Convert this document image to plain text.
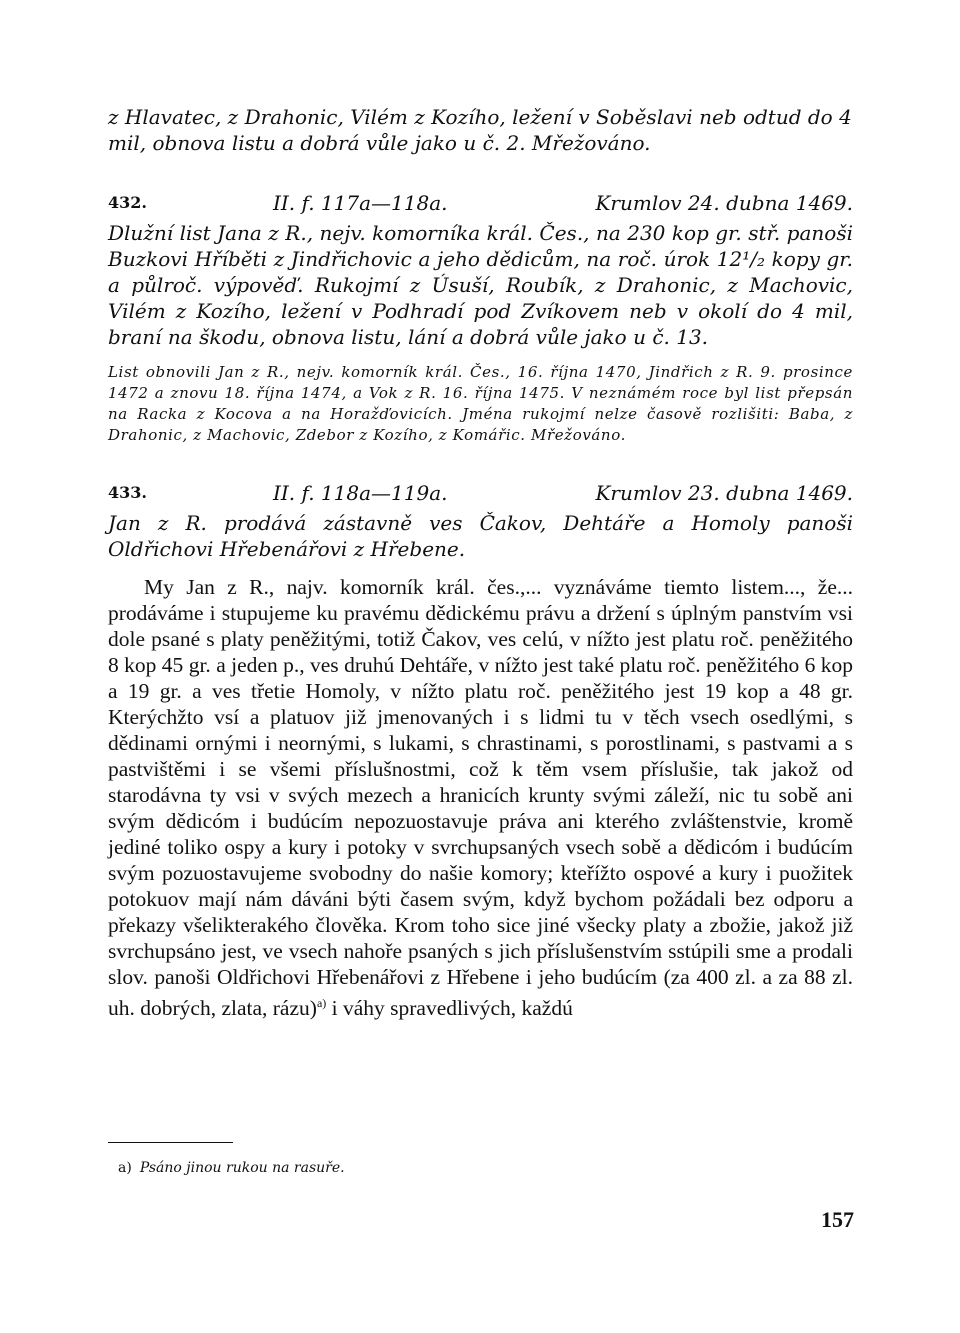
z Hlavatec, z Drahonic, Vilém z Kozího, ležení v Soběslavi neb odtud do 4 mil, obnova listu a dobrá vůle jako u č. 2. Mřežováno.

432.	II. f. 117a—118a.	Krumlov 24. dubna 1469.

Dlužní list Jana z R., nejv. komorníka král. Čes., na 230 kop gr. stř. panoši Buzkovi Hříběti z Jindřichovic a jeho dědicům, na roč. úrok 12¹/₂ kopy gr. a půlroč. výpověď. Rukojmí z Úsuší, Roubík, z Drahonic, z Machovic, Vilém z Kozího, ležení v Podhradí pod Zvíkovem neb v okolí do 4 mil, braní na škodu, obnova listu, lání a dobrá vůle jako u č. 13.

List obnovili Jan z R., nejv. komorník král. Čes., 16. října 1470, Jindřich z R. 9. prosince 1472 a znovu 18. října 1474, a Vok z R. 16. října 1475. V neznámém roce byl list přepsán na Racka z Kocova a na Horažďovicích. Jména rukojmí nelze časově rozlišiti: Baba, z Drahonic, z Machovic, Zdebor z Kozího, z Komářic. Mřežováno.

433.	II. f. 118a—119a.	Krumlov 23. dubna 1469.

Jan z R. prodává zástavně ves Čakov, Dehtáře a Homoly panoši Oldřichovi Hřebenářovi z Hřebene.

My Jan z R., najv. komorník král. čes.,... vyznáváme tiemto listem..., že... prodáváme i stupujeme ku pravému dědickému právu a držení s úplným panstvím vsi dole psané s platy peněžitými, totiž Čakov, ves celú, v nížto jest platu roč. peněžitého 8 kop 45 gr. a jeden p., ves druhú Dehtáře, v nížto jest také platu roč. peněžitého 6 kop a 19 gr. a ves třetie Homoly, v nížto platu roč. peněžitého jest 19 kop a 48 gr. Kterýchžto vsí a platuov již jmenovaných i s lidmi tu v těch vsech osedlými, s dědinami ornými i neornými, s lukami, s chrastinami, s porostlinami, s pastvami a s pastvištěmi i se všemi příslušnostmi, což k těm vsem příslušie, tak jakož od starodávna ty vsi v svých mezech a hranicích krunty svými záleží, nic tu sobě ani svým dědicóm i budúcím nepozuostavuje práva ani kterého zvláštenstvie, kromě jediné toliko ospy a kury i potoky v svrchupsaných vsech sobě a dědicóm i budúcím svým pozuostavujeme svobodny do našie komory; kteřížto ospové a kury i puožitek potokuov mají nám dáváni býti časem svým, když bychom požádali bez odporu a překazy všelikterakého člověka. Krom toho sice jiné všecky platy a zbožie, jakož již svrchupsáno jest, ve vsech nahoře psaných s jich příslušenstvím sstúpili sme a prodali slov. panoši Oldřichovi Hřebenářovi z Hřebene i jeho budúcím (za 400 zl. a za 88 zl. uh. dobrých, zlata, rázu)$^{a)}$ i váhy spravedlivých, každú

a) Psáno jinou rukou na rasuře.
157
